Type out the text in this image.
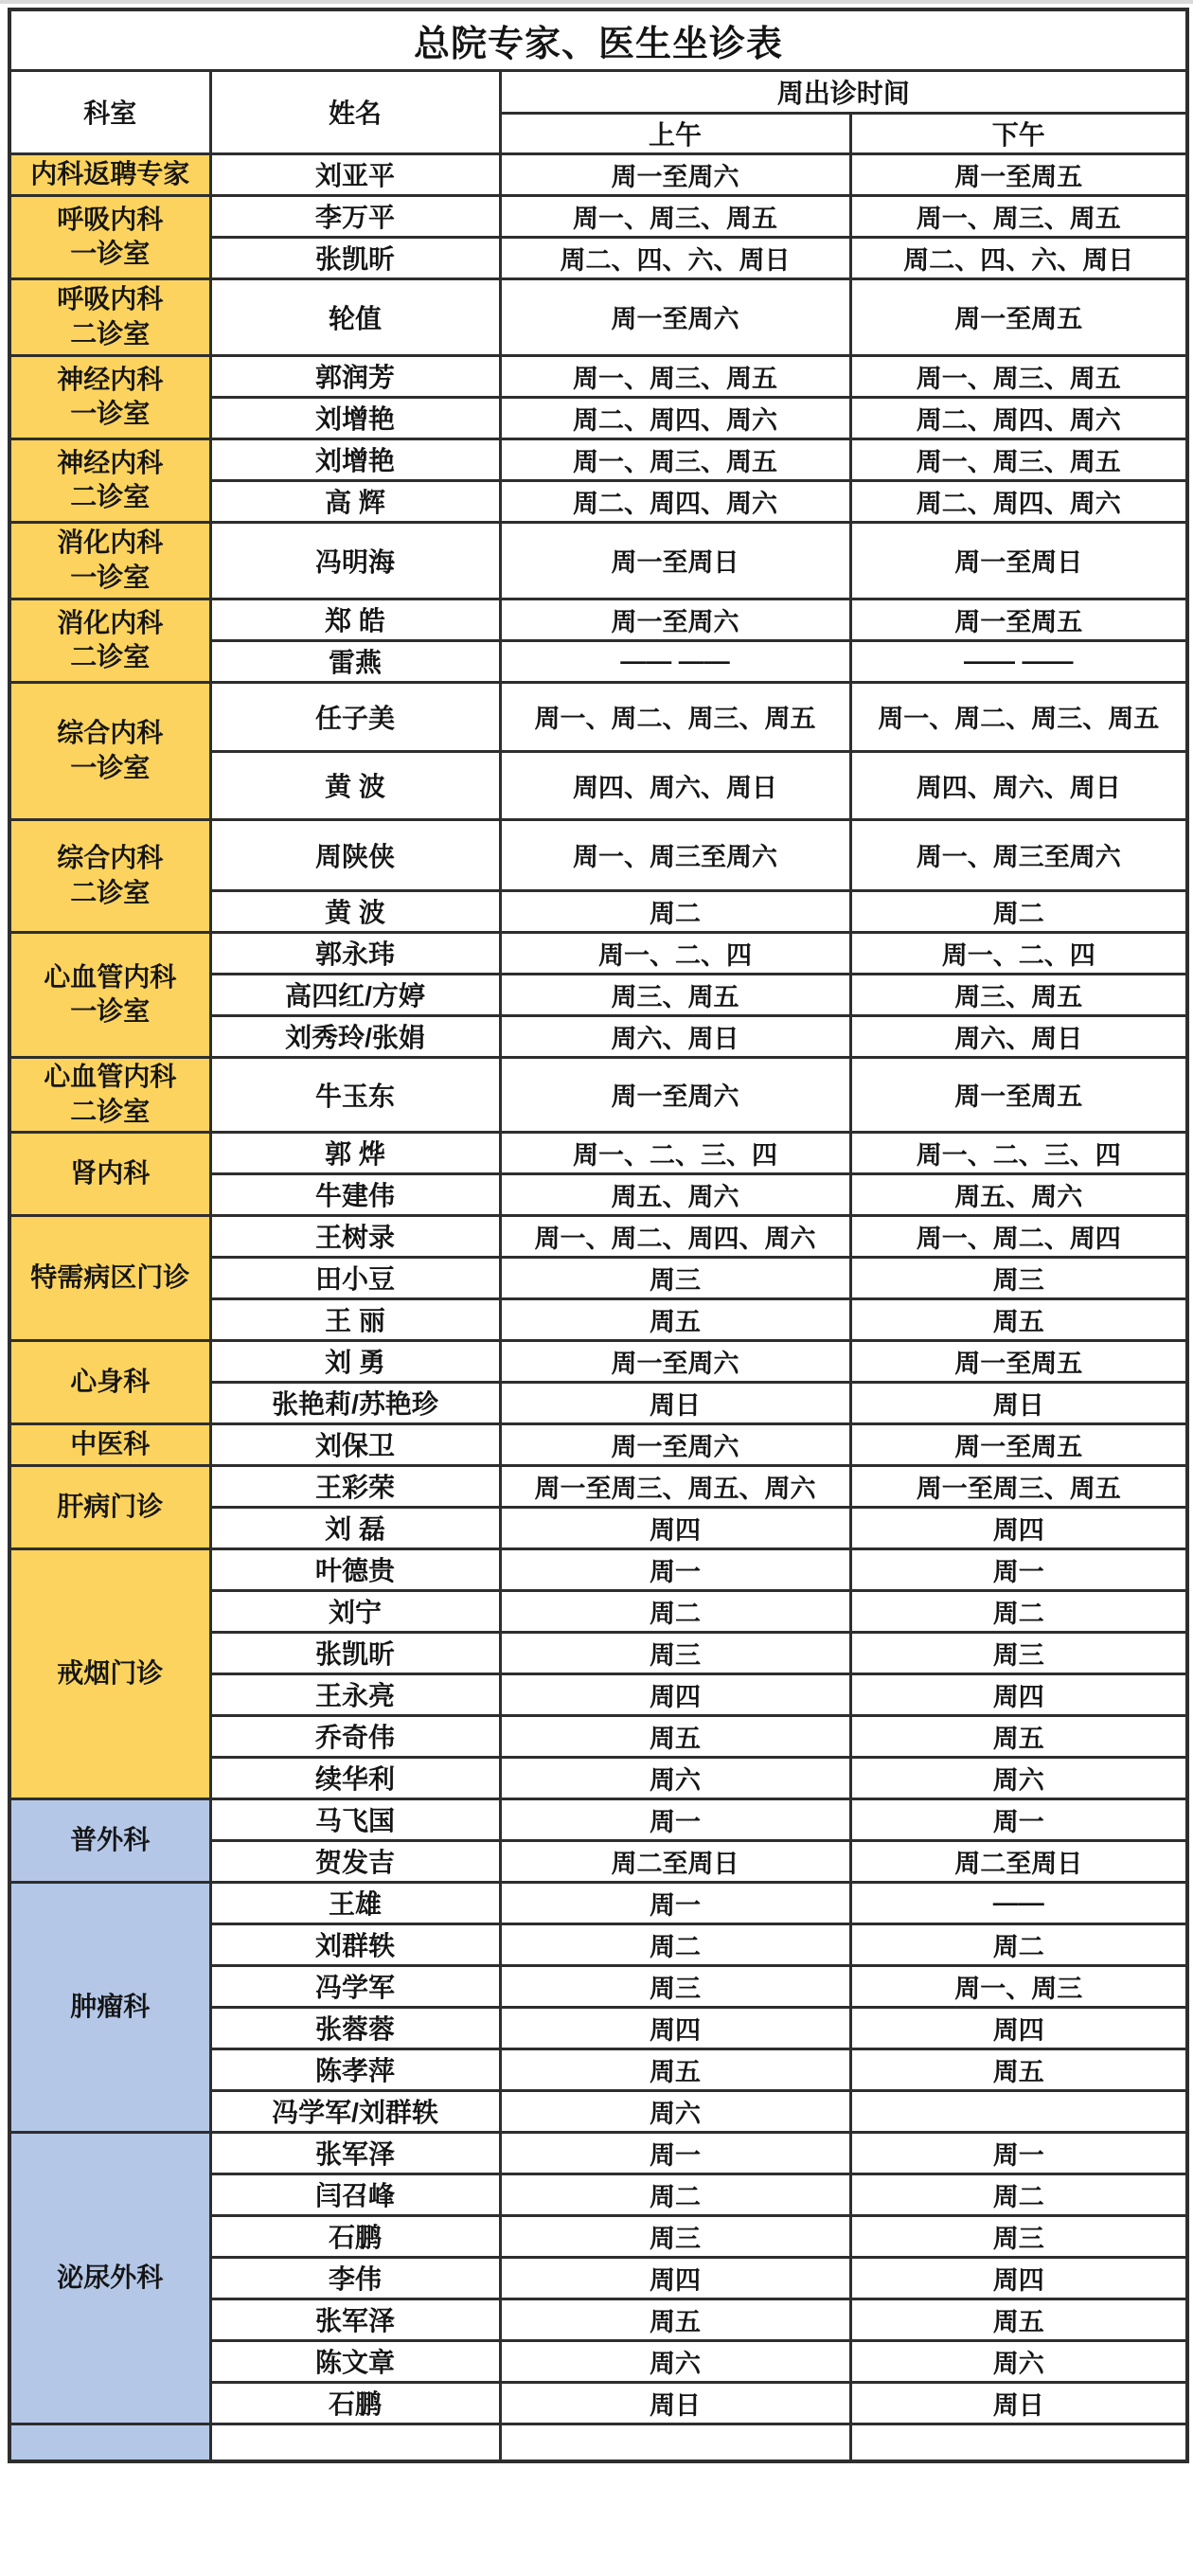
总院专家、医生坐诊表			
科室	姓名	周出诊时间	
		上午	下午
内科返聘专家	刘亚平	周一至周六	周一至周五
呼吸内科
一诊室	李万平	周一、周三、周五	周一、周三、周五
	张凯昕	周二、四、六、周日	周二、四、六、周日
呼吸内科
二诊室	轮值	周一至周六	周一至周五
神经内科
一诊室	郭润芳	周一、周三、周五	周一、周三、周五
	刘增艳	周二、周四、周六	周二、周四、周六
神经内科
二诊室	刘增艳	周一、周三、周五	周一、周三、周五
	高 辉	周二、周四、周六	周二、周四、周六
消化内科
一诊室	冯明海	周一至周日	周一至周日
消化内科
二诊室	郑 皓	周一至周六	周一至周五
	雷燕	—— ——	—— ——
综合内科
一诊室	任子美	周一、周二、周三、周五	周一、周二、周三、周五
	黄 波	周四、周六、周日	周四、周六、周日
综合内科
二诊室	周陕侠	周一、周三至周六	周一、周三至周六
	黄 波	周二	周二
心血管内科
一诊室	郭永玮	周一、二、四	周一、二、四
	高四红/方婷	周三、周五	周三、周五
	刘秀玲/张娟	周六、周日	周六、周日
心血管内科
二诊室	牛玉东	周一至周六	周一至周五
肾内科	郭 烨	周一、二、三、四	周一、二、三、四
	牛建伟	周五、周六	周五、周六
特需病区门诊	王树录	周一、周二、周四、周六	周一、周二、周四
	田小豆	周三	周三
	王 丽	周五	周五
心身科	刘 勇	周一至周六	周一至周五
	张艳莉/苏艳珍	周日	周日
中医科	刘保卫	周一至周六	周一至周五
肝病门诊	王彩荣	周一至周三、周五、周六	周一至周三、周五
	刘 磊	周四	周四
戒烟门诊	叶德贵	周一	周一
	刘宁	周二	周二
	张凯昕	周三	周三
	王永亮	周四	周四
	乔奇伟	周五	周五
	续华利	周六	周六
普外科	马飞国	周一	周一
	贺发吉	周二至周日	周二至周日
肿瘤科	王雄	周一	——
	刘群轶	周二	周二
	冯学军	周三	周一、周三
	张蓉蓉	周四	周四
	陈孝萍	周五	周五
	冯学军/刘群轶	周六	
泌尿外科	张军泽	周一	周一
	闫召峰	周二	周二
	石鹏	周三	周三
	李伟	周四	周四
	张军泽	周五	周五
	陈文章	周六	周六
	石鹏	周日	周日
